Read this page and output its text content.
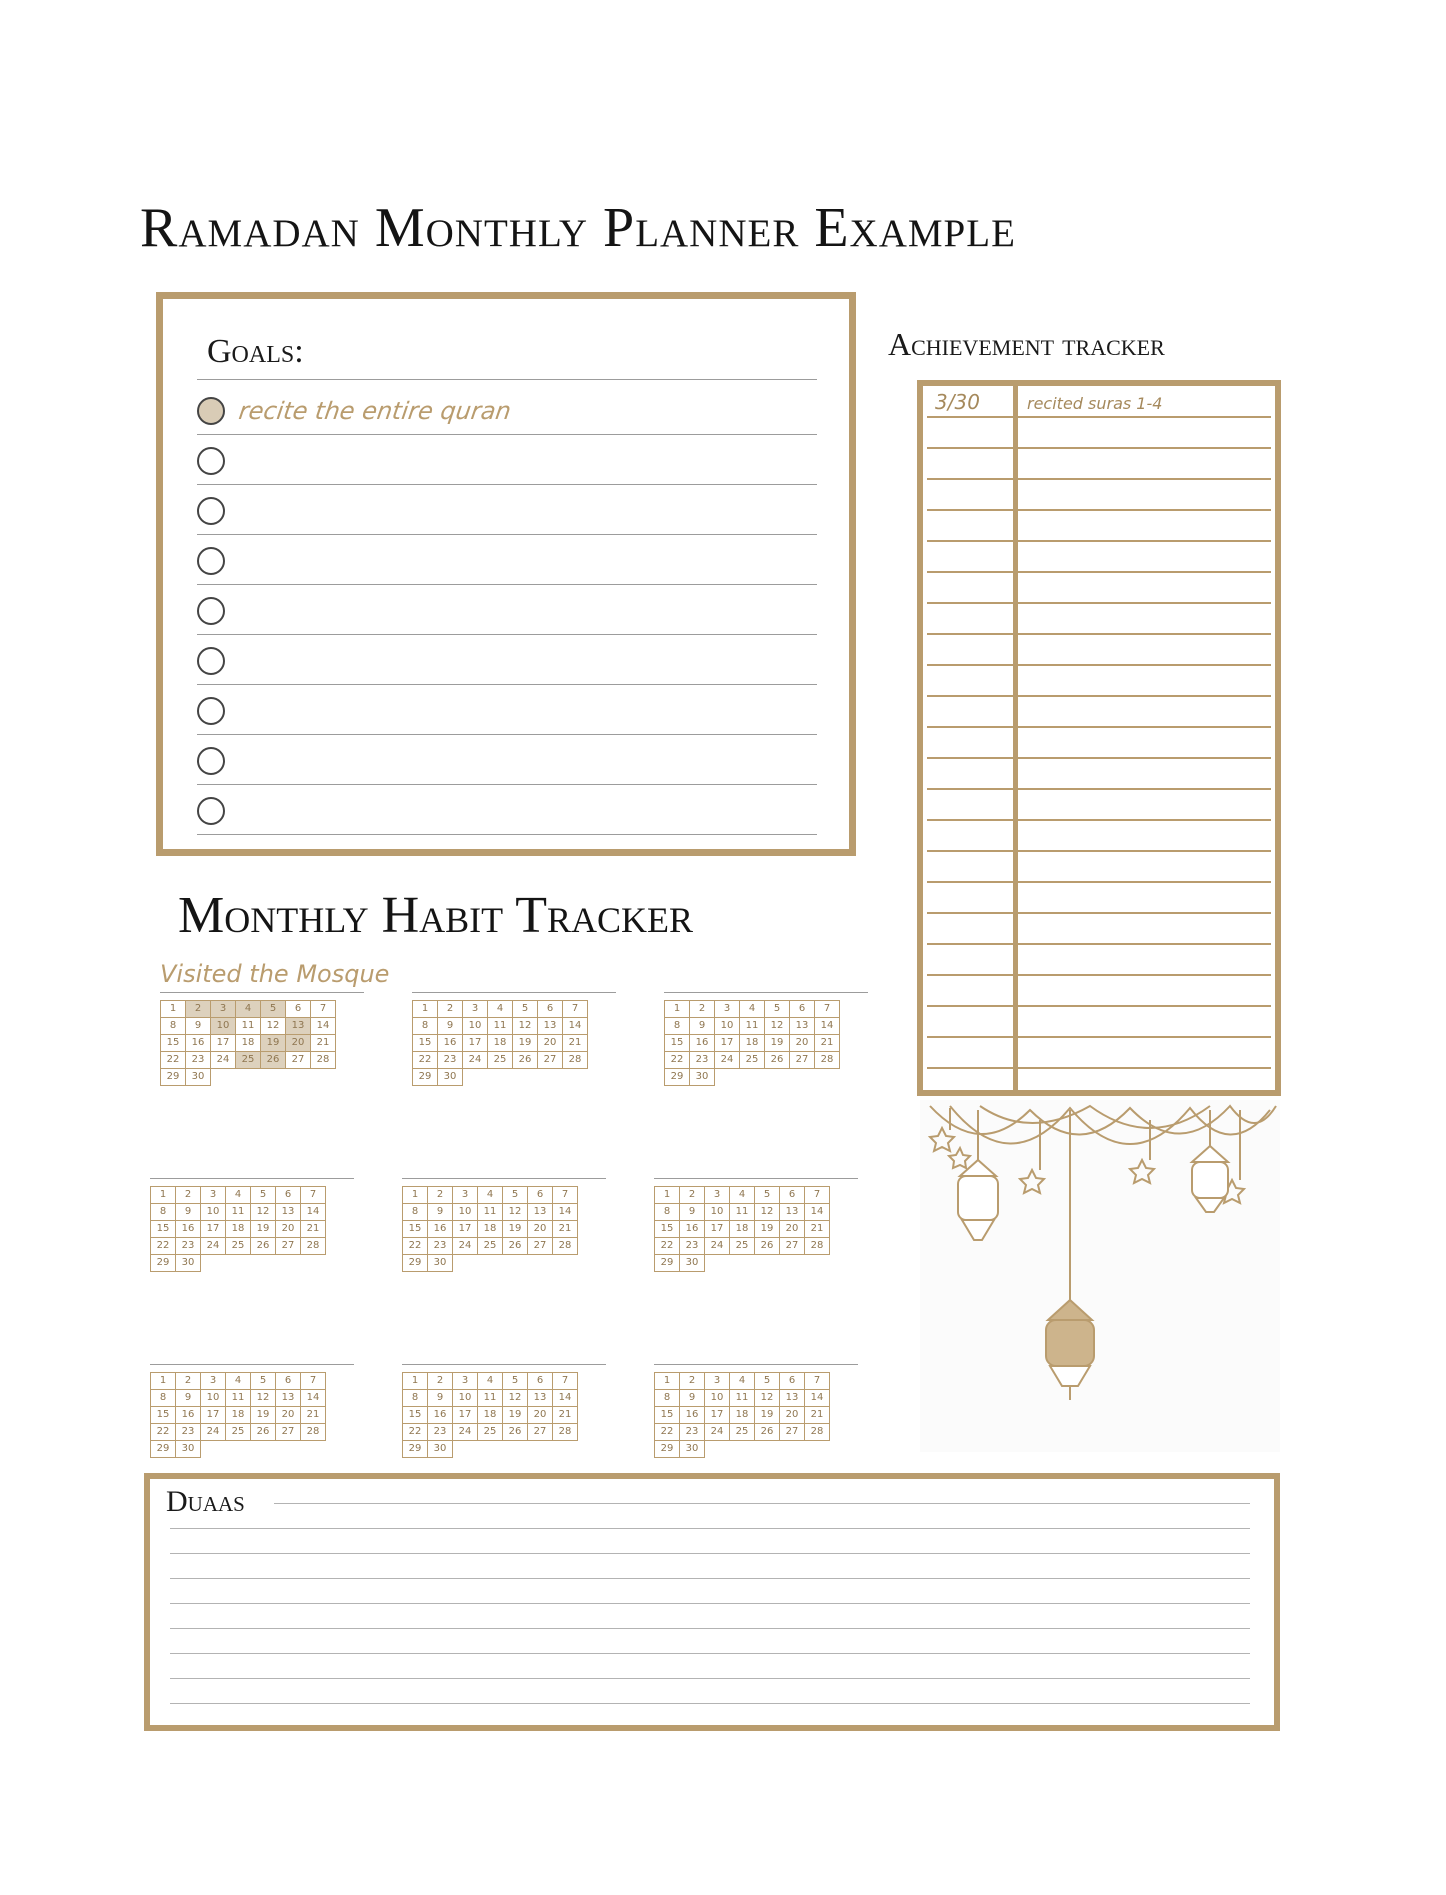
Ramadan Monthly Planner Example
Goals:
recite the entire quran
Achievement tracker
3/30	recited suras 1-4
Monthly Habit Tracker
Visited the Mosque
1	2	3	4	5	6	7
8	9	10	11	12	13	14
15	16	17	18	19	20	21
22	23	24	25	26	27	28
29	30					
1	2	3	4	5	6	7
8	9	10	11	12	13	14
15	16	17	18	19	20	21
22	23	24	25	26	27	28
29	30					
1	2	3	4	5	6	7
8	9	10	11	12	13	14
15	16	17	18	19	20	21
22	23	24	25	26	27	28
29	30					
1	2	3	4	5	6	7
8	9	10	11	12	13	14
15	16	17	18	19	20	21
22	23	24	25	26	27	28
29	30					
1	2	3	4	5	6	7
8	9	10	11	12	13	14
15	16	17	18	19	20	21
22	23	24	25	26	27	28
29	30					
1	2	3	4	5	6	7
8	9	10	11	12	13	14
15	16	17	18	19	20	21
22	23	24	25	26	27	28
29	30					
1	2	3	4	5	6	7
8	9	10	11	12	13	14
15	16	17	18	19	20	21
22	23	24	25	26	27	28
29	30					
1	2	3	4	5	6	7
8	9	10	11	12	13	14
15	16	17	18	19	20	21
22	23	24	25	26	27	28
29	30					
1	2	3	4	5	6	7
8	9	10	11	12	13	14
15	16	17	18	19	20	21
22	23	24	25	26	27	28
29	30					
Duaas
